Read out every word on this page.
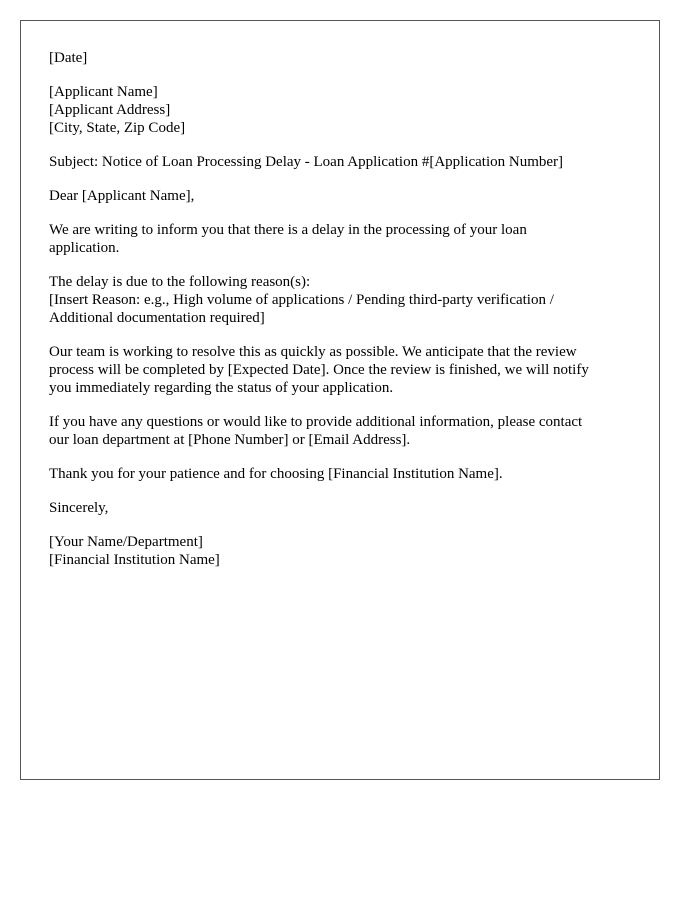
[Date]
[Applicant Name]
[Applicant Address]
[City, State, Zip Code]
Subject: Notice of Loan Processing Delay - Loan Application #[Application Number]
Dear [Applicant Name],
We are writing to inform you that there is a delay in the processing of your loan
application.
The delay is due to the following reason(s):
[Insert Reason: e.g., High volume of applications / Pending third-party verification /
Additional documentation required]
Our team is working to resolve this as quickly as possible. We anticipate that the review
process will be completed by [Expected Date]. Once the review is finished, we will notify
you immediately regarding the status of your application.
If you have any questions or would like to provide additional information, please contact
our loan department at [Phone Number] or [Email Address].
Thank you for your patience and for choosing [Financial Institution Name].
Sincerely,
[Your Name/Department]
[Financial Institution Name]
